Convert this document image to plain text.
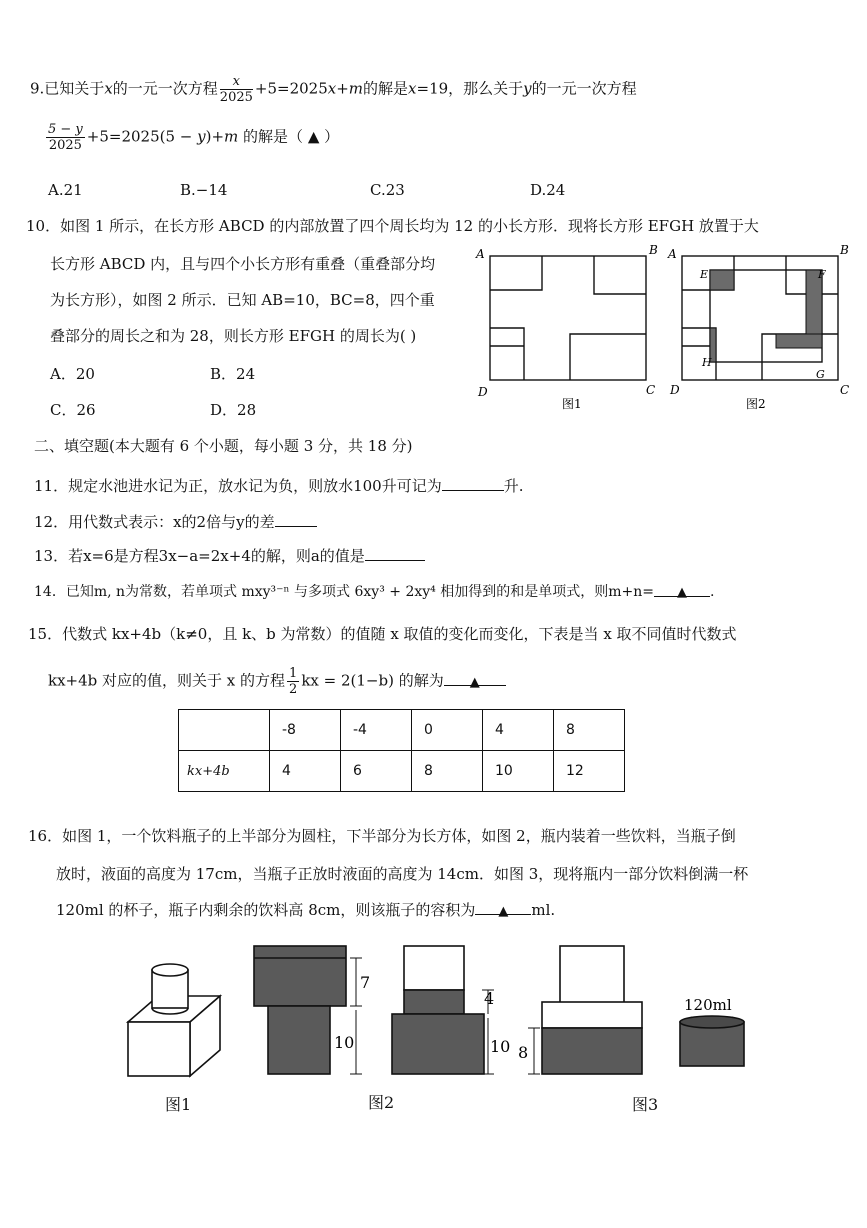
9.已知关于x的一元一次方程 $\frac{x}{2025} +5=2025x+m$的解是x=19，那么关于y的一元一次方程
$\frac{5 - y}{2025} +5=2025(5 - y)+m$ 的解是（ ▲ ）
A.21	B.−14	C.23	D.24
10．如图 1 所示，在长方形 ABCD 的内部放置了四个周长均为 12 的小长方形．现将长方形 EFGH 放置于大
长方形 ABCD 内，且与四个小长方形有重叠（重叠部分均
为长方形），如图 2 所示．已知 AB=10，BC=8，四个重
叠部分的周长之和为 28，则长方形 EFGH 的周长为( )
A．20	B．24
C．26	D．28
A	B
C
D
图1
A	B
C
D
E	F
G
H
图2
二、填空题(本大题有 6 个小题，每小题 3 分，共 18 分)
11．规定水池进水记为正，放水记为负，则放水100升可记为	升.
12．用代数式表示：x的2倍与y的差
13．若x=6是方程3x−a=2x+4的解，则a的值是
14．已知m, n为常数，若单项式 mxy³⁻ⁿ 与多项式 6xy³ + 2xy⁴ 相加得到的和是单项式，则m+n= ▲ .
15．代数式 kx+4b（k≠0，且 k、b 为常数）的值随 x 取值的变化而变化，下表是当 x 取不同值时代数式
kx+4b 对应的值，则关于 x 的方程 $\frac{1}{2}$ kx = 2(1−b) 的解为 ▲
	-8	-4	0	4	8
kx+4b	4	6	8	10	12
16．如图 1，一个饮料瓶子的上半部分为圆柱，下半部分为长方体，如图 2，瓶内装着一些饮料，当瓶子倒
放时，液面的高度为 17cm，当瓶子正放时液面的高度为 14cm．如图 3，现将瓶内一部分饮料倒满一杯
120ml 的杯子，瓶子内剩余的饮料高 8cm，则该瓶子的容积为 ▲ ml.
图1
7
10
4
10
图2
8
120ml
图3
